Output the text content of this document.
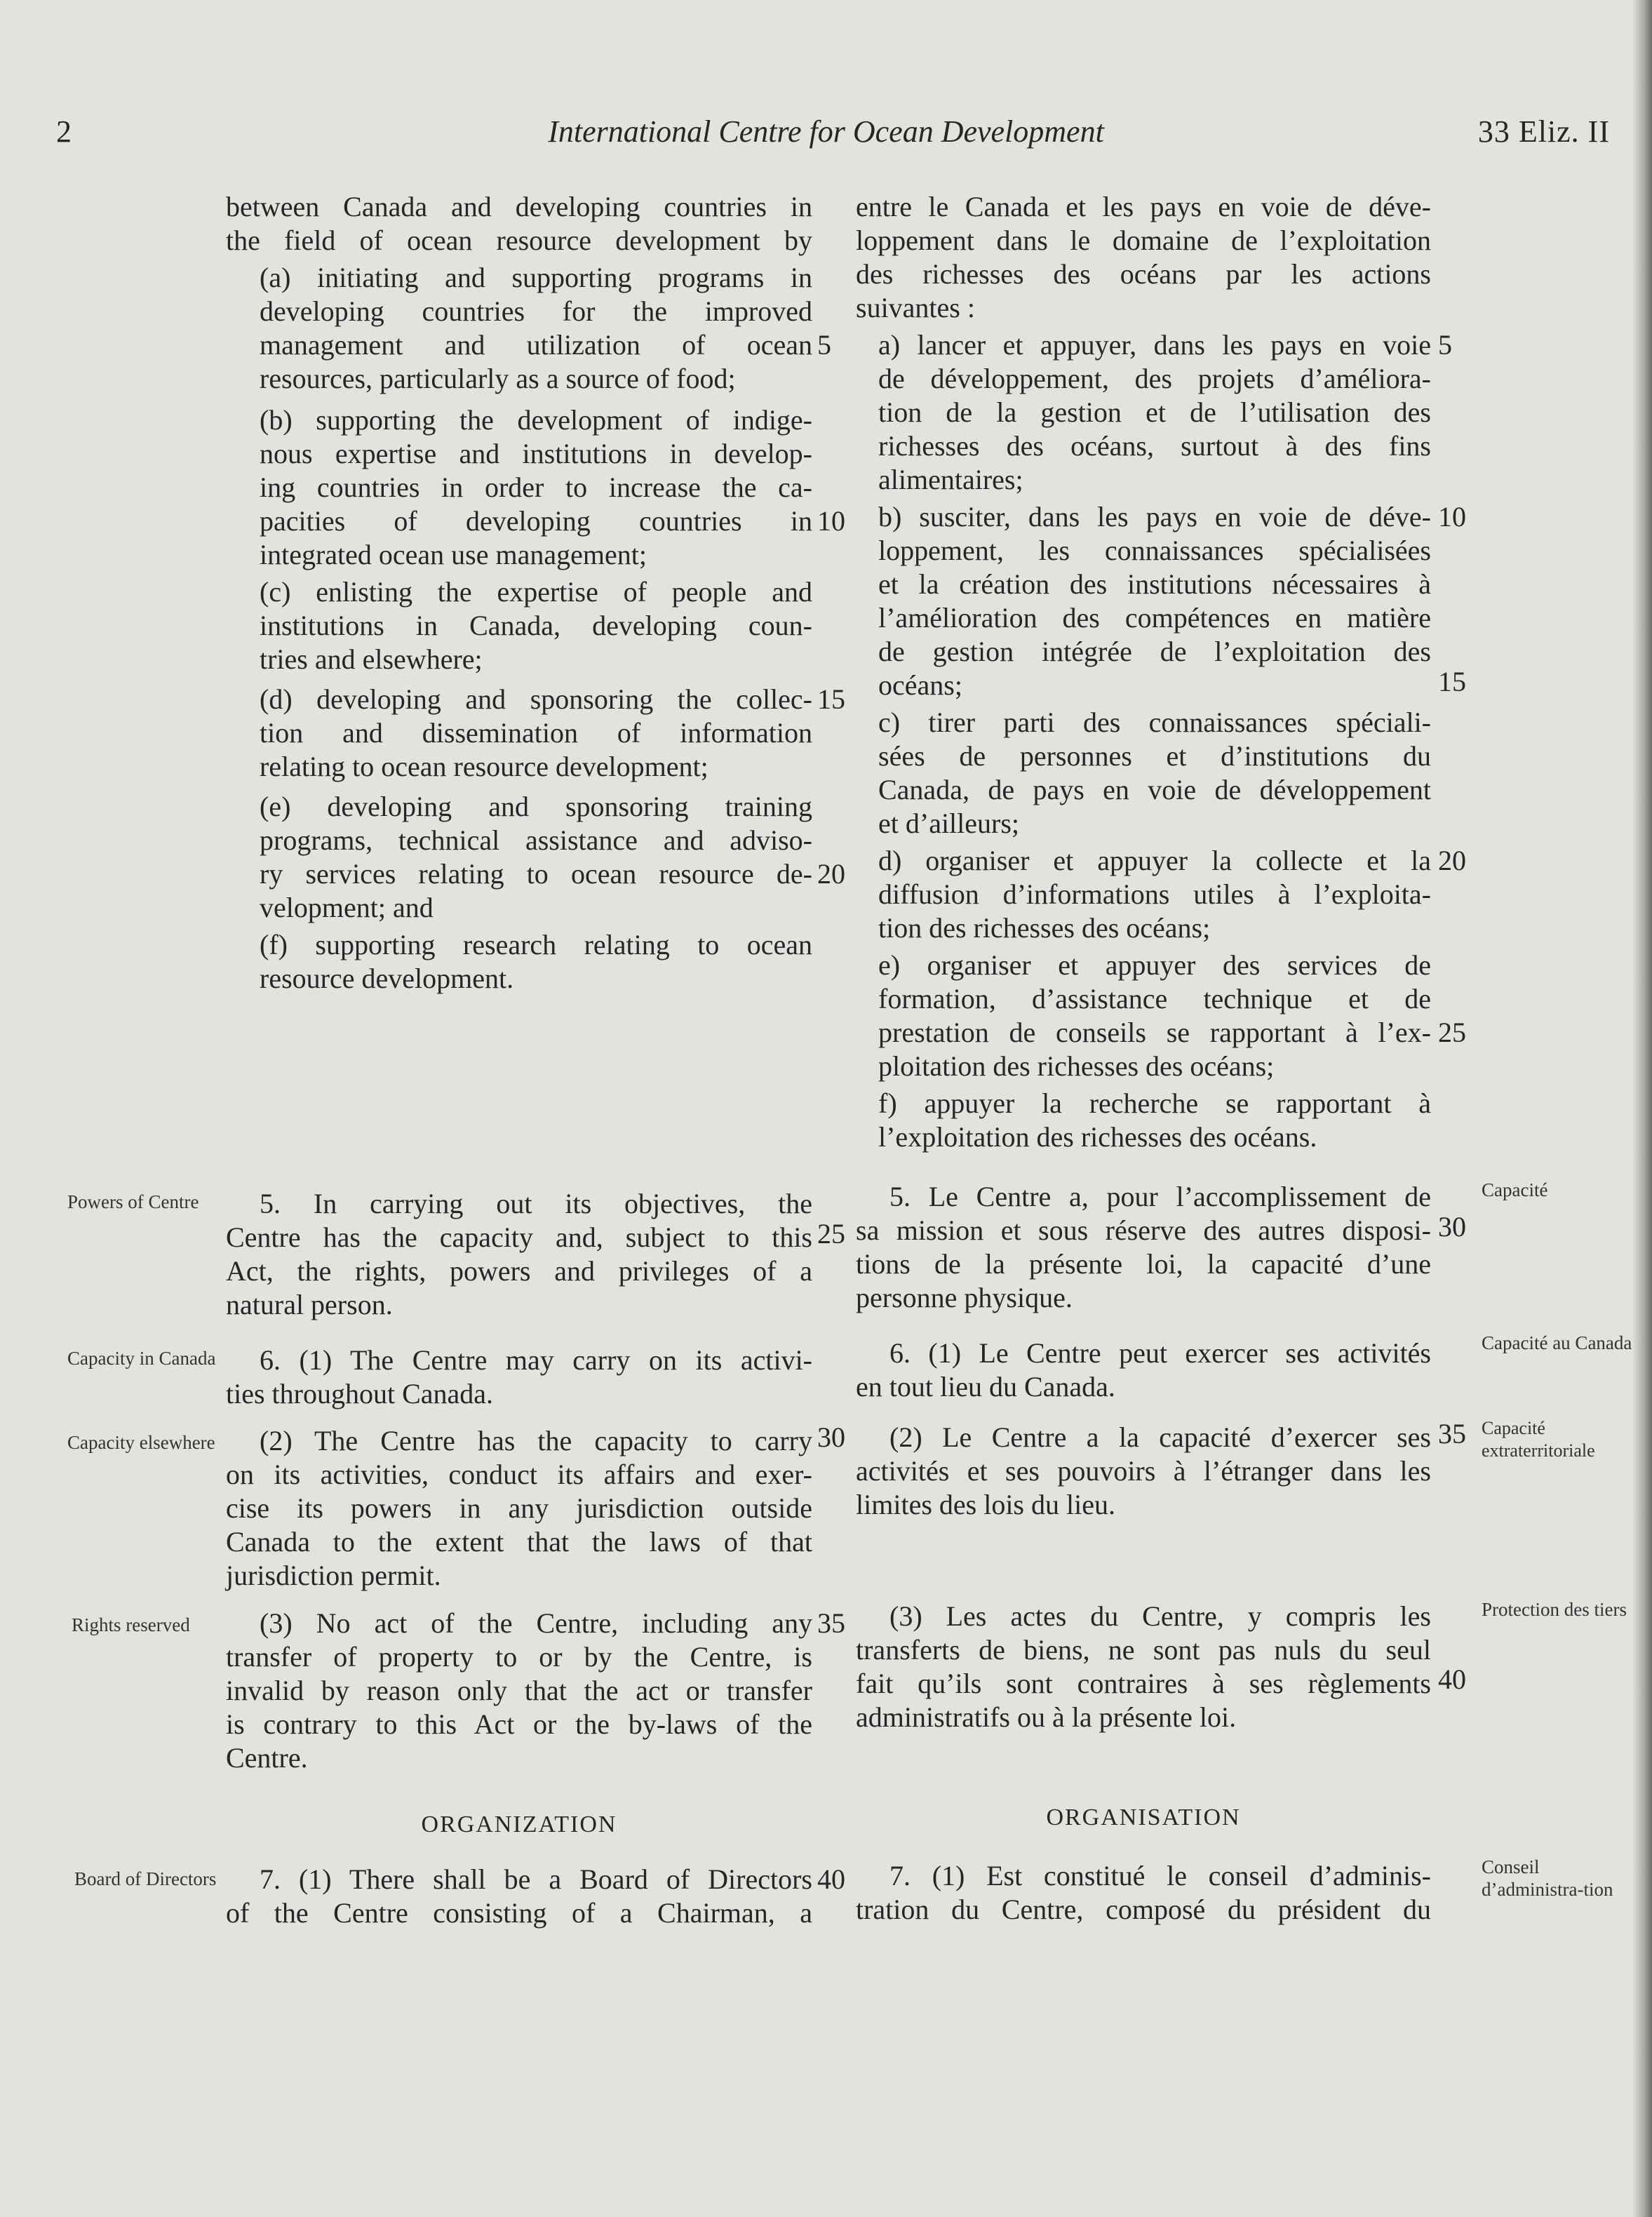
2	International Centre for Ocean Development	33 Eliz. II
between Canada and developing countries in
the field of ocean resource development by
(a) initiating and supporting programs in
developing countries for the improved
management and utilization of ocean
resources, particularly as a source of food;
(b) supporting the development of indige-
nous expertise and institutions in develop-
ing countries in order to increase the ca-
pacities of developing countries in
integrated ocean use management;
(c) enlisting the expertise of people and
institutions in Canada, developing coun-
tries and elsewhere;
(d) developing and sponsoring the collec-
tion and dissemination of information
relating to ocean resource development;
(e) developing and sponsoring training
programs, technical assistance and adviso-
ry services relating to ocean resource de-
velopment; and
(f) supporting research relating to ocean
resource development.
5
10
15
20
25
30
35
40
entre le Canada et les pays en voie de déve-
loppement dans le domaine de l’exploitation
des richesses des océans par les actions
suivantes :
a) lancer et appuyer, dans les pays en voie
de développement, des projets d’améliora-
tion de la gestion et de l’utilisation des
richesses des océans, surtout à des fins
alimentaires;
b) susciter, dans les pays en voie de déve-
loppement, les connaissances spécialisées
et la création des institutions nécessaires à
l’amélioration des compétences en matière
de gestion intégrée de l’exploitation des
océans;
c) tirer parti des connaissances spéciali-
sées de personnes et d’institutions du
Canada, de pays en voie de développement
et d’ailleurs;
d) organiser et appuyer la collecte et la
diffusion d’informations utiles à l’exploita-
tion des richesses des océans;
e) organiser et appuyer des services de
formation, d’assistance technique et de
prestation de conseils se rapportant à l’ex-
ploitation des richesses des océans;
f) appuyer la recherche se rapportant à
l’exploitation des richesses des océans.
5
10
15
20
25
30
35
40
Powers of Centre	5. In carrying out its objectives, the
Centre has the capacity and, subject to this
Act, the rights, powers and privileges of a
natural person.
5. Le Centre a, pour l’accomplissement de
sa mission et sous réserve des autres disposi-
tions de la présente loi, la capacité d’une
personne physique.
Capacité
Capacity in Canada	6. (1) The Centre may carry on its activi-
ties throughout Canada.
6. (1) Le Centre peut exercer ses activités
en tout lieu du Canada.
Capacité au Canada
Capacity elsewhere	(2) The Centre has the capacity to carry
on its activities, conduct its affairs and exer-
cise its powers in any jurisdiction outside
Canada to the extent that the laws of that
jurisdiction permit.
(2) Le Centre a la capacité d’exercer ses
activités et ses pouvoirs à l’étranger dans les
limites des lois du lieu.
Capacité extraterritoriale
Rights reserved	(3) No act of the Centre, including any
transfer of property to or by the Centre, is
invalid by reason only that the act or transfer
is contrary to this Act or the by-laws of the
Centre.
(3) Les actes du Centre, y compris les
transferts de biens, ne sont pas nuls du seul
fait qu’ils sont contraires à ses règlements
administratifs ou à la présente loi.
Protection des tiers
ORGANIZATION	ORGANISATION
Board of Directors	7. (1) There shall be a Board of Directors
of the Centre consisting of a Chairman, a
7. (1) Est constitué le conseil d’adminis-
tration du Centre, composé du président du
Conseil d’administra-tion
